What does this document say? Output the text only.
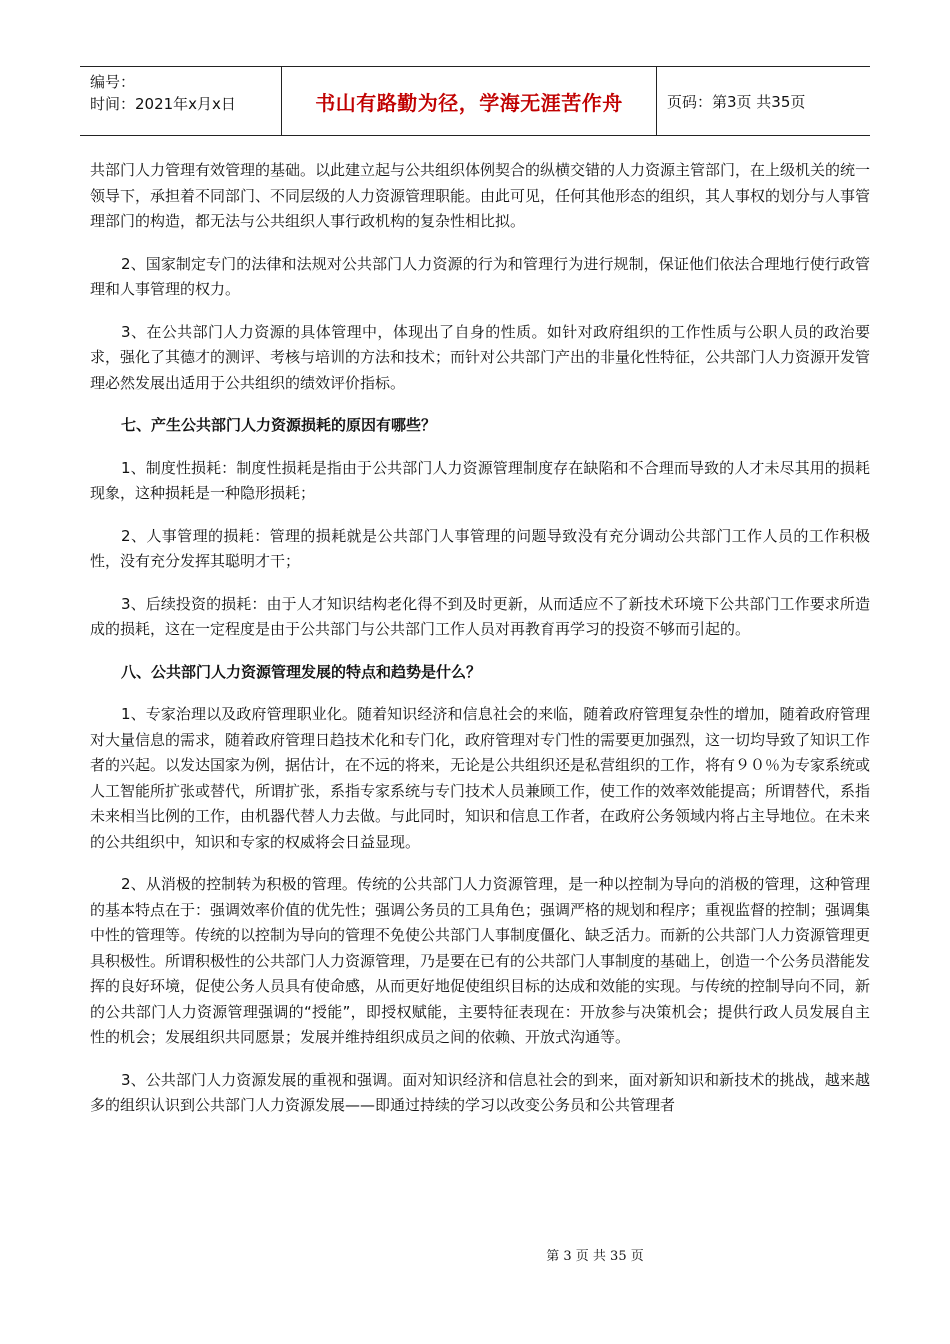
编号：
时间：2021年x月x日	书山有路勤为径，学海无涯苦作舟	页码：第3页 共35页

共部门人力管理有效管理的基础。以此建立起与公共组织体例契合的纵横交错的人力资源主管部门，在上级机关的统一领导下，承担着不同部门、不同层级的人力资源管理职能。由此可见，任何其他形态的组织，其人事权的划分与人事管理部门的构造，都无法与公共组织人事行政机构的复杂性相比拟。

2、国家制定专门的法律和法规对公共部门人力资源的行为和管理行为进行规制，保证他们依法合理地行使行政管理和人事管理的权力。

3、在公共部门人力资源的具体管理中，体现出了自身的性质。如针对政府组织的工作性质与公职人员的政治要求，强化了其德才的测评、考核与培训的方法和技术；而针对公共部门产出的非量化性特征，公共部门人力资源开发管理必然发展出适用于公共组织的绩效评价指标。

七、产生公共部门人力资源损耗的原因有哪些？

1、制度性损耗：制度性损耗是指由于公共部门人力资源管理制度存在缺陷和不合理而导致的人才未尽其用的损耗现象，这种损耗是一种隐形损耗；

2、人事管理的损耗：管理的损耗就是公共部门人事管理的问题导致没有充分调动公共部门工作人员的工作积极性，没有充分发挥其聪明才干；

3、后续投资的损耗：由于人才知识结构老化得不到及时更新，从而适应不了新技术环境下公共部门工作要求所造成的损耗，这在一定程度是由于公共部门与公共部门工作人员对再教育再学习的投资不够而引起的。

八、公共部门人力资源管理发展的特点和趋势是什么？

1、专家治理以及政府管理职业化。随着知识经济和信息社会的来临，随着政府管理复杂性的增加，随着政府管理对大量信息的需求，随着政府管理日趋技术化和专门化，政府管理对专门性的需要更加强烈，这一切均导致了知识工作者的兴起。以发达国家为例，据估计，在不远的将来，无论是公共组织还是私营组织的工作，将有９０％为专家系统或人工智能所扩张或替代，所谓扩张，系指专家系统与专门技术人员兼顾工作，使工作的效率效能提高；所谓替代，系指未来相当比例的工作，由机器代替人力去做。与此同时，知识和信息工作者，在政府公务领域内将占主导地位。在未来的公共组织中，知识和专家的权威将会日益显现。

2、从消极的控制转为积极的管理。传统的公共部门人力资源管理，是一种以控制为导向的消极的管理，这种管理的基本特点在于：强调效率价值的优先性；强调公务员的工具角色；强调严格的规划和程序；重视监督的控制；强调集中性的管理等。传统的以控制为导向的管理不免使公共部门人事制度僵化、缺乏活力。而新的公共部门人力资源管理更具积极性。所谓积极性的公共部门人力资源管理，乃是要在已有的公共部门人事制度的基础上，创造一个公务员潜能发挥的良好环境，促使公务人员具有使命感，从而更好地促使组织目标的达成和效能的实现。与传统的控制导向不同，新的公共部门人力资源管理强调的“授能”，即授权赋能，主要特征表现在：开放参与决策机会；提供行政人员发展自主性的机会；发展组织共同愿景；发展并维持组织成员之间的依赖、开放式沟通等。

3、公共部门人力资源发展的重视和强调。面对知识经济和信息社会的到来，面对新知识和新技术的挑战，越来越多的组织认识到公共部门人力资源发展——即通过持续的学习以改变公务员和公共管理者

第 3 页 共 35 页
